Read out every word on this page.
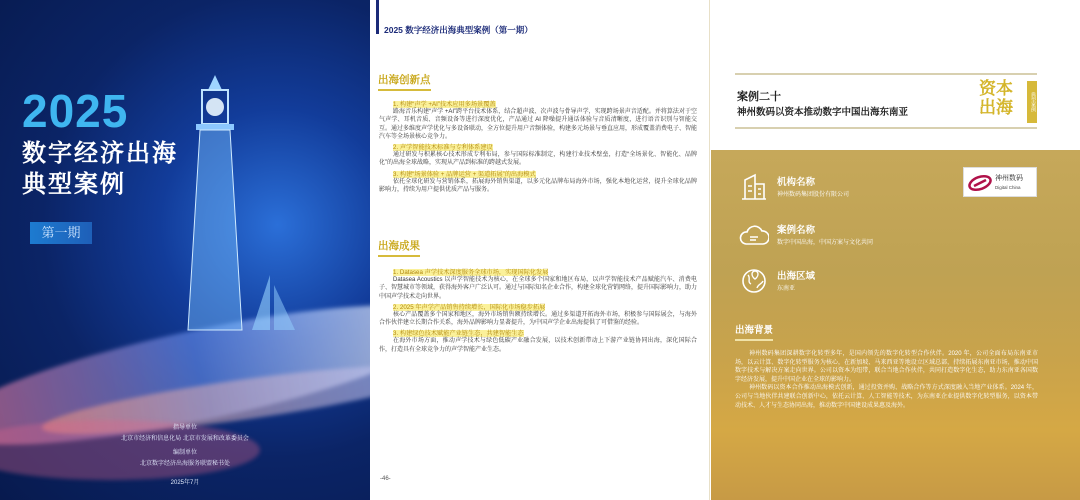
2025
数字经济出海
典型案例
第一期
指导单位
北京市经济和信息化局 北京市发展和改革委员会
编制单位
北京数字经济出海服务联盟秘书处
2025年7月
2025 数字经济出海典型案例（第一期）
出海创新点
1. 构建“声学 +AI”技术应用多场景覆盖
路海音乐构建“声学 +AI”跨平台技术体系，结合超声波、次声波与骨导声学，实现跨场景声音适配。并将算法对于空气声学、耳机音质、音频设备等进行深度优化，产品通过 AI 降噪提升通话体验与音质清晰度，进行语音识别与智能交互。通过多维度声学优化与多设备联动，全方位提升用户音频体验，构建多元场景与垂直应用，形成覆盖消费电子、智能汽车等全场景核心竞争力。
2. 声学智能技术标准与专利体系建设
通过研发与积累核心技术形成专利布局，参与国际标准制定，构建行业技术壁垒，打造“全场景化、智能化、品牌化”的出海全球战略，实现从产品到标准的跨越式发展。
3. 构建“场景体验 + 品牌运营 + 渠道拓展”的出海模式
依托全球化研发与营销体系，拓展海外销售渠道，以多元化品牌布局海外市场，强化本地化运营，提升全球化品牌影响力，持续为用户提供优质产品与服务。
出海成果
1. Datasea 声学技术深度服务全球市场，实现国际化发展
Datasea Acoustics 以声学智能技术为核心，在全球多个国家和地区布局，以声学智能技术产品赋能汽车、消费电子、智慧城市等领域，获得海外客户广泛认可。通过与国际知名企业合作，构建全球化营销网络，提升国际影响力，助力中国声学技术走向世界。
2. 2025 年声学产品销售持续增长，国际化市场稳步拓展
核心产品覆盖多个国家和地区，海外市场销售额持续增长。通过多渠道开拓海外市场，积极参与国际展会，与海外合作伙伴建立长期合作关系，海外品牌影响力显著提升，为中国声学企业出海提供了可借鉴的经验。
3. 构建绿色技术赋能产业链生态，共建智能生态
在海外市场方面，推动声学技术与绿色低碳产业融合发展，以技术创新带动上下游产业链协同出海，深化国际合作，打造具有全球竞争力的声学智能产业生态。
-46-
案例二十
神州数码以资本推动数字中国出海东南亚
资本出海	典型案例
机构名称
神州数码集团股份有限公司
神州数码
Digital China
案例名称
数字中国出海，中国方案与文化共同
出海区域
东南亚
出海背景
神州数码集团深耕数字化转型多年，是国内领先的数字化转型合作伙伴。2020 年，公司全面布局东南亚市场，以云计算、数字化转型服务为核心，在新加坡、马来西亚等地设立区域总部，持续拓展东南亚市场，推动中国数字技术与解决方案走向世界。公司以资本为纽带，联合当地合作伙伴，共同打造数字化生态，助力东南亚各国数字经济发展，提升中国企业在全球的影响力。
神州数码以资本合作推动出海模式创新，通过投资并购、战略合作等方式深度融入当地产业体系。2024 年，公司与当地伙伴共建联合创新中心，依托云计算、人工智能等技术，为东南亚企业提供数字化转型服务，以资本带动技术、人才与生态协同出海，推动数字中国建设成果惠及海外。
